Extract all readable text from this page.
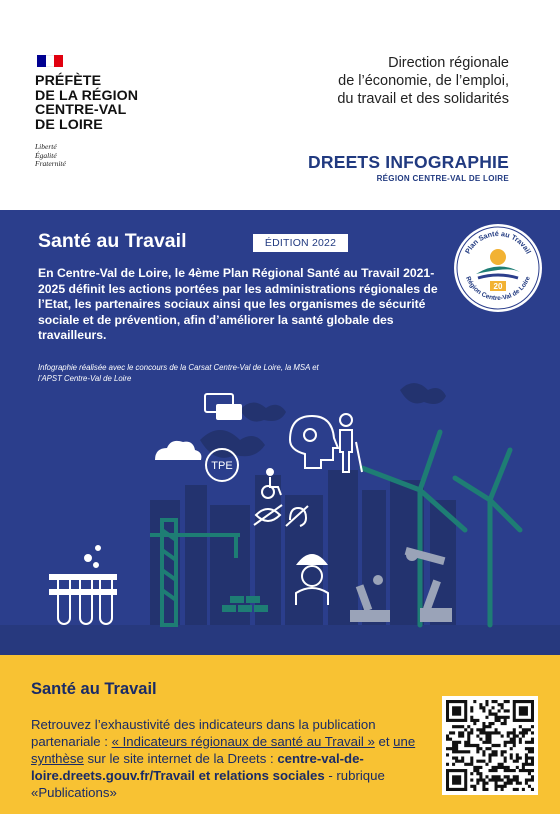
PRÉFÈTE
DE LA RÉGION
CENTRE-VAL
DE LOIRE
Liberté
Égalité
Fraternité
Direction régionale
de l’économie, de l’emploi,
du travail et des solidarités
DREETS INFOGRAPHIE
RÉGION CENTRE-VAL DE LOIRE
Santé au Travail	ÉDITION 2022
En Centre-Val de Loire, le 4ème Plan Régional Santé au Travail 2021-2025 définit les actions portées par les administrations régionales de l’Etat, les partenaires sociaux ainsi que les organismes de sécurité sociale et de prévention, afin d’améliorer la santé globale des travailleurs.
Infographie réalisée avec le concours de la Carsat Centre-Val de Loire, la MSA et l’APST Centre-Val de Loire
Plan Santé au Travail
Région Centre-Val de Loire
20
TPE
Santé au Travail
Retrouvez l’exhaustivité des indicateurs dans la publication partenariale : « Indicateurs régionaux de santé au Travail » et une synthèse sur le site internet de la Dreets : centre-val-de-loire.dreets.gouv.fr/Travail et relations sociales - rubrique «Publications»
